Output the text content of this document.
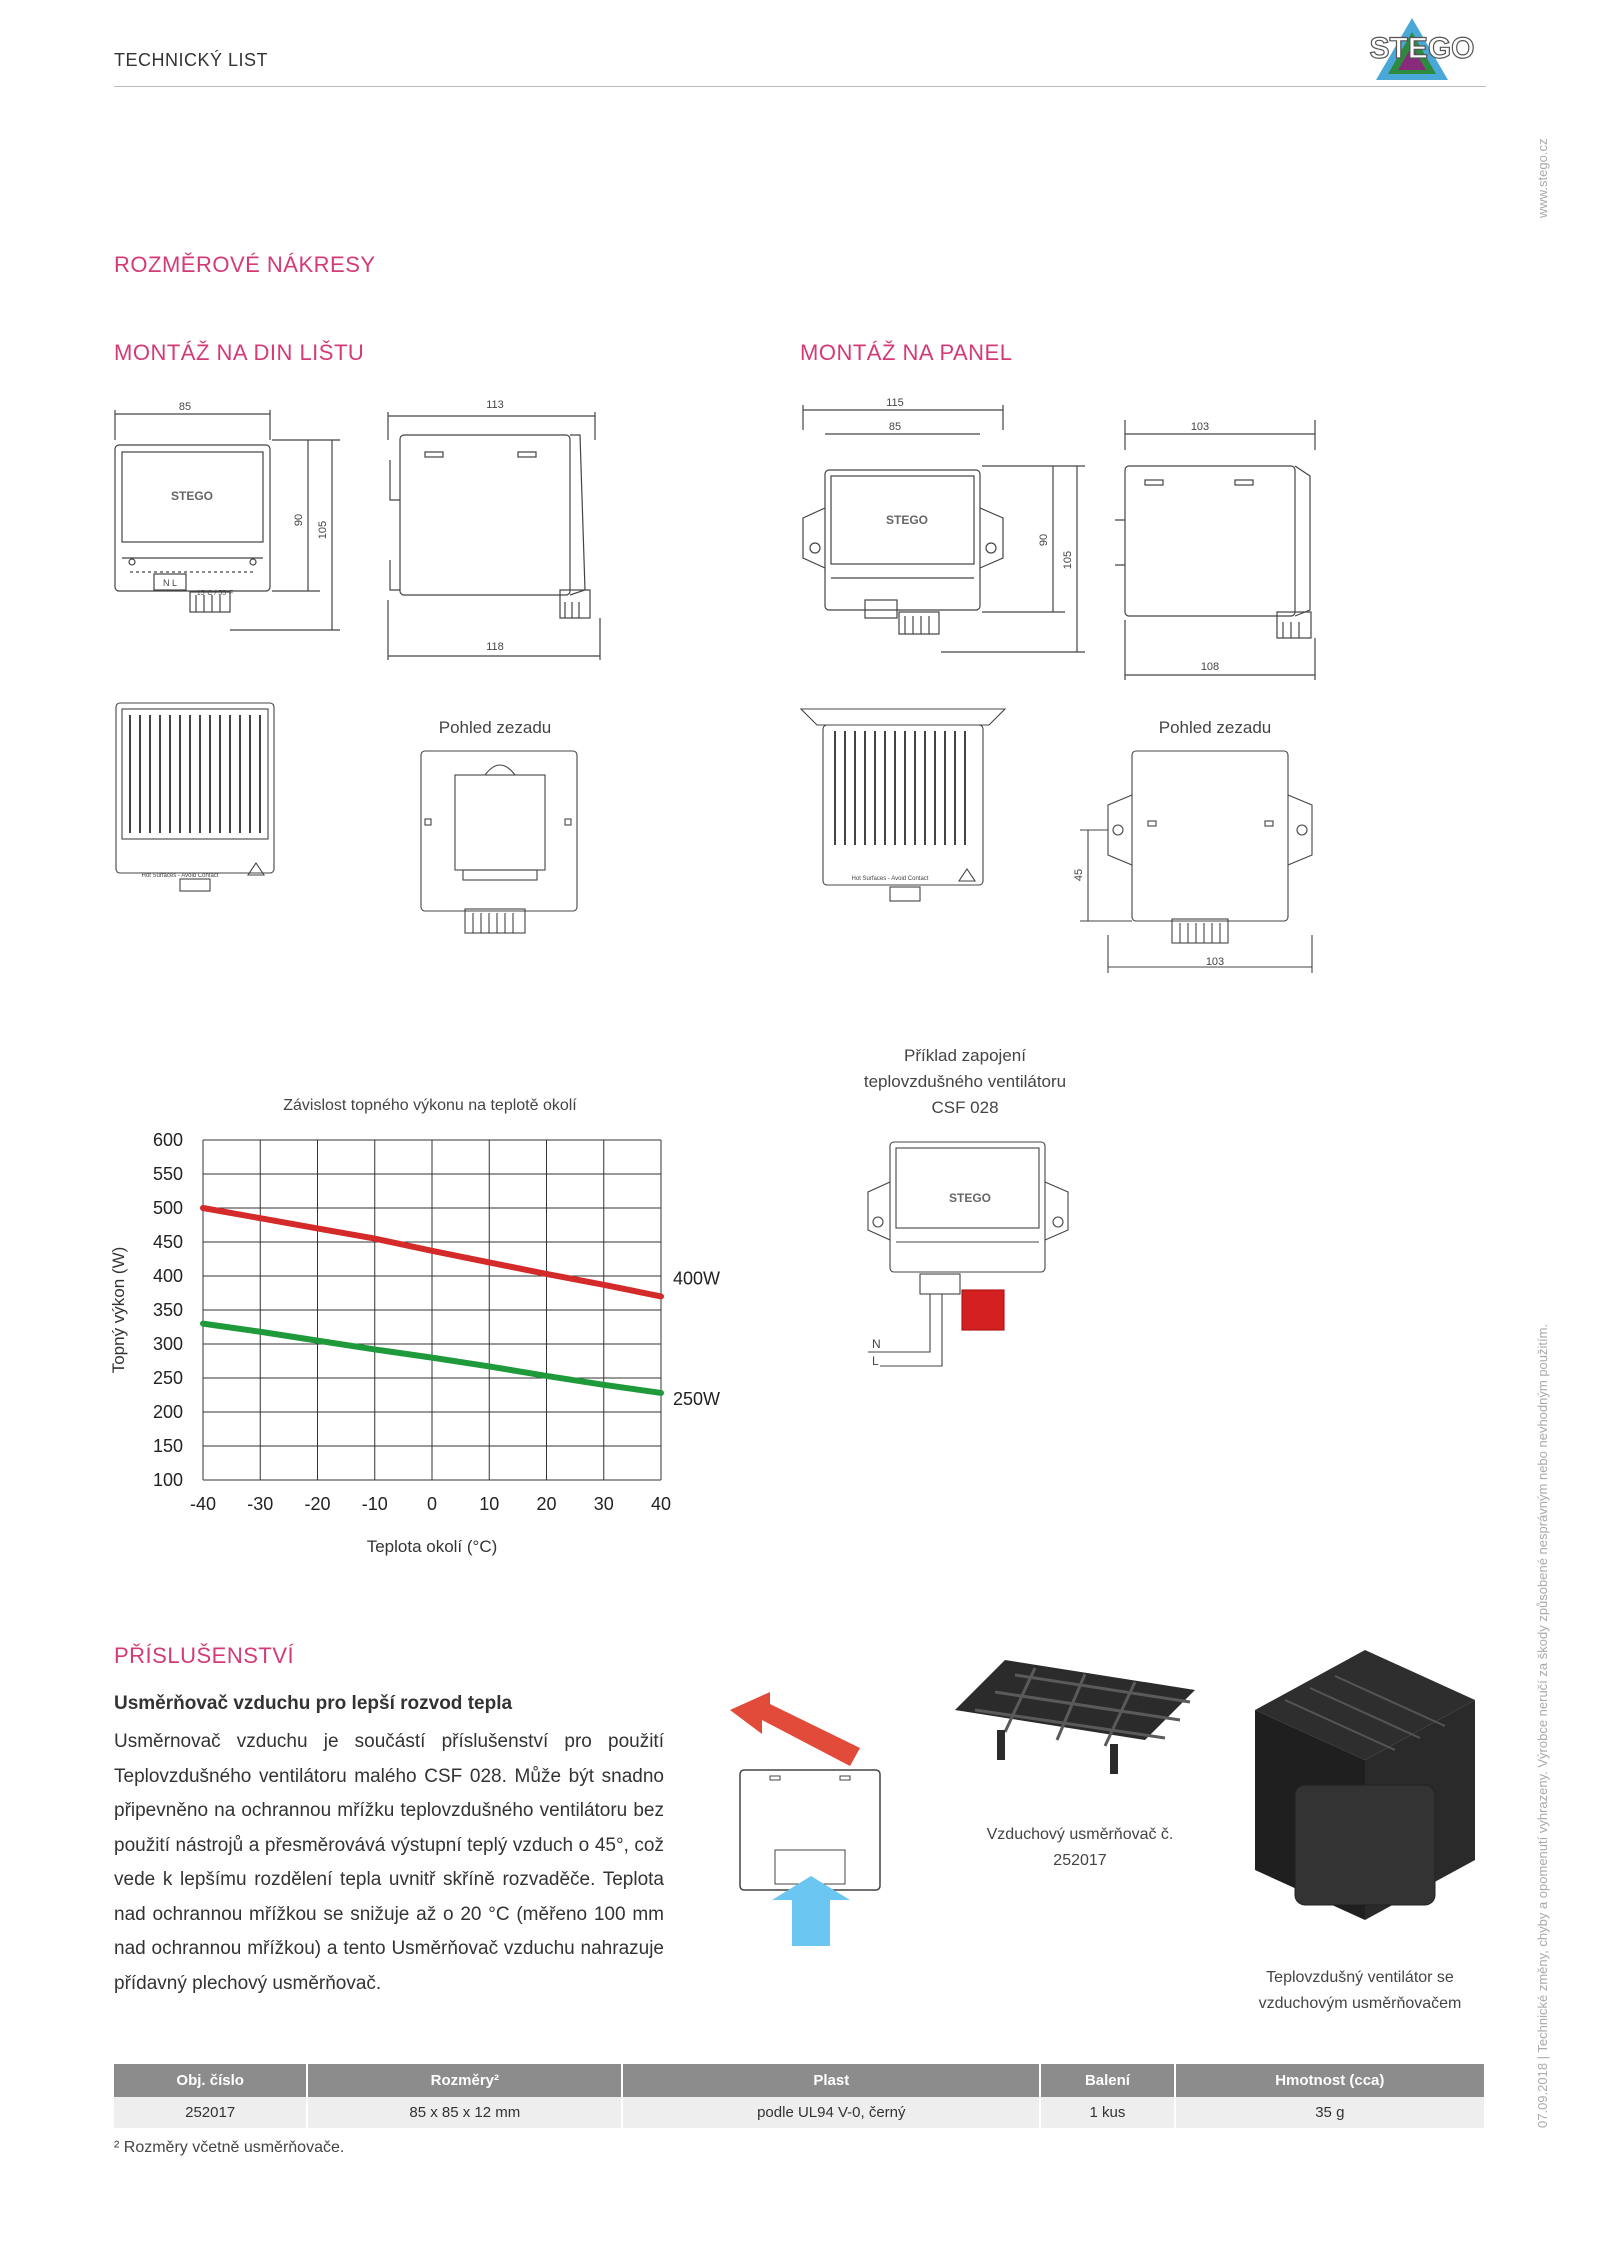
TECHNICKÝ LIST	STEGO
www.stego.cz
07.09.2018 | Technické změny, chyby a opomenutí vyhrazeny. Výrobce neručí za škody způsobené nesprávným nebo nevhodným použitím.
ROZMĚROVÉ NÁKRESY
MONTÁŽ NA DIN LIŠTU	MONTÁŽ NA PANEL
85
STEGO
N L
15°C / 55°F
90
105
113
118
115
85
STEGO
90
105
103
108
Hot Surfaces - Avoid Contact	Hot Surfaces - Avoid Contact
Pohled zezadu	Pohled zezadu
45
103
Závislost topného výkonu na teplotě okolí
-40 -30 -20 -10 0 10 20 30 40
100
150
200
250
300
350
400
450
500
550
600
Teplota okolí (°C)
Topný výkon (W)	400W
250W
Příklad zapojení teplovzdušného ventilátoru CSF 028
STEGO
N
L
PŘÍSLUŠENSTVÍ
Usměrňovač vzduchu pro lepší rozvod tepla
Usměrnovač vzduchu je součástí příslušenství pro použití Teplovzdušného ventilátoru malého CSF 028. Může být snadno připevněno na ochrannou mřížku teplovzdušného ventilátoru bez použití nástrojů a přesměrovává výstupní teplý vzduch o 45°, což vede k lepšímu rozdělení tepla uvnitř skříně rozvaděče. Teplota nad ochrannou mřížkou se snižuje až o 20 °C (měřeno 100 mm nad ochrannou mřížkou) a tento Usměrňovač vzduchu nahrazuje přídavný plechový usměrňovač.
Vzduchový usměrňovač č. 252017
Teplovzdušný ventilátor se vzduchovým usměrňovačem
Obj. číslo	Rozměry²	Plast	Balení	Hmotnost (cca)
252017	85 x 85 x 12 mm	podle UL94 V-0, černý	1 kus	35 g
² Rozměry včetně usměrňovače.
